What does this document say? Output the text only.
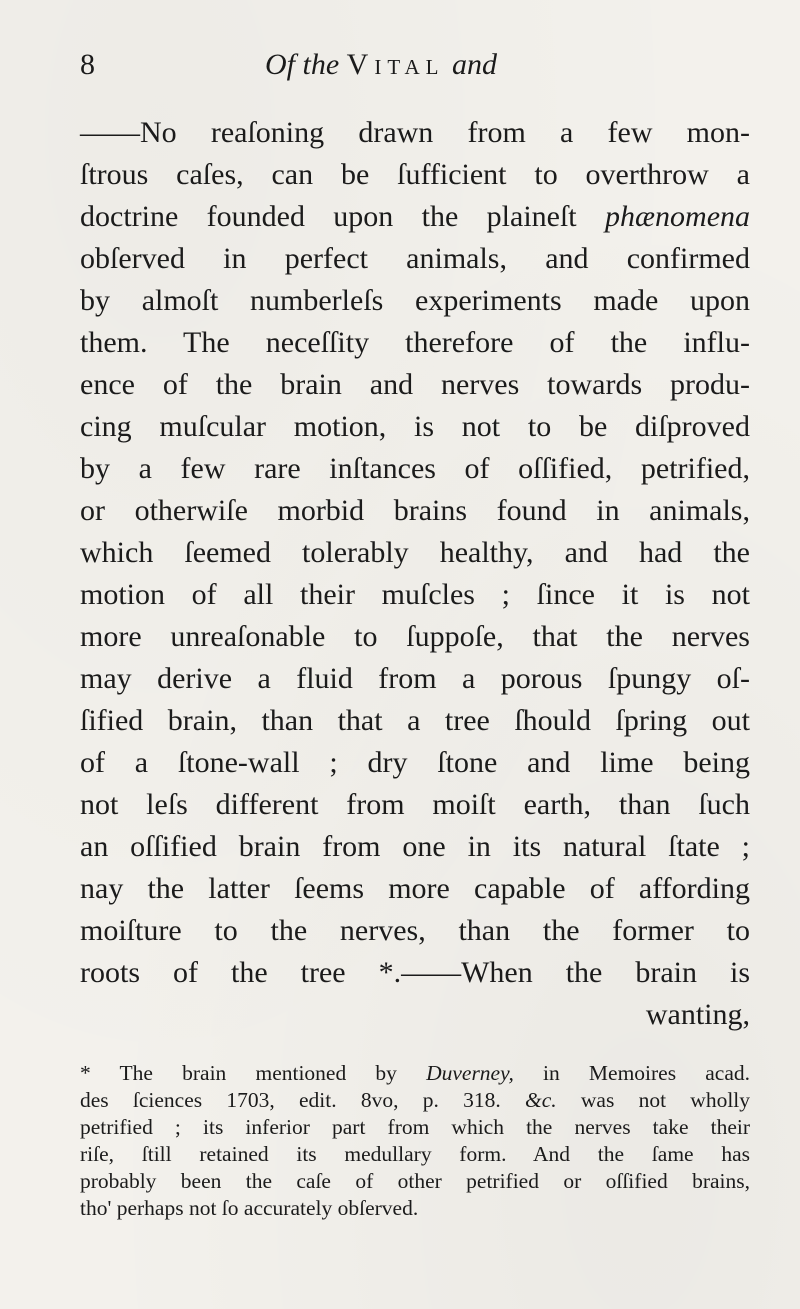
8	Of the Vital and
——No reaſoning drawn from a few mon-
ſtrous caſes, can be ſufficient to overthrow a
doctrine founded upon the plaineſt phænomena
obſerved in perfect animals, and confirmed
by almoſt numberleſs experiments made upon
them. The neceſſity therefore of the influ-
ence of the brain and nerves towards produ-
cing muſcular motion, is not to be diſproved
by a few rare inſtances of oſſified, petrified,
or otherwiſe morbid brains found in animals,
which ſeemed tolerably healthy, and had the
motion of all their muſcles ; ſince it is not
more unreaſonable to ſuppoſe, that the nerves
may derive a fluid from a porous ſpungy oſ-
ſified brain, than that a tree ſhould ſpring out
of a ſtone-wall ; dry ſtone and lime being
not leſs different from moiſt earth, than ſuch
an oſſified brain from one in its natural ſtate ;
nay the latter ſeems more capable of affording
moiſture to the nerves, than the former to
roots of the tree *.——When the brain is
wanting,
* The brain mentioned by Duverney, in Memoires acad.
des ſciences 1703, edit. 8vo, p. 318. &c. was not wholly
petrified ; its inferior part from which the nerves take their
riſe, ſtill retained its medullary form. And the ſame has
probably been the caſe of other petrified or oſſified brains,
tho' perhaps not ſo accurately obſerved.
